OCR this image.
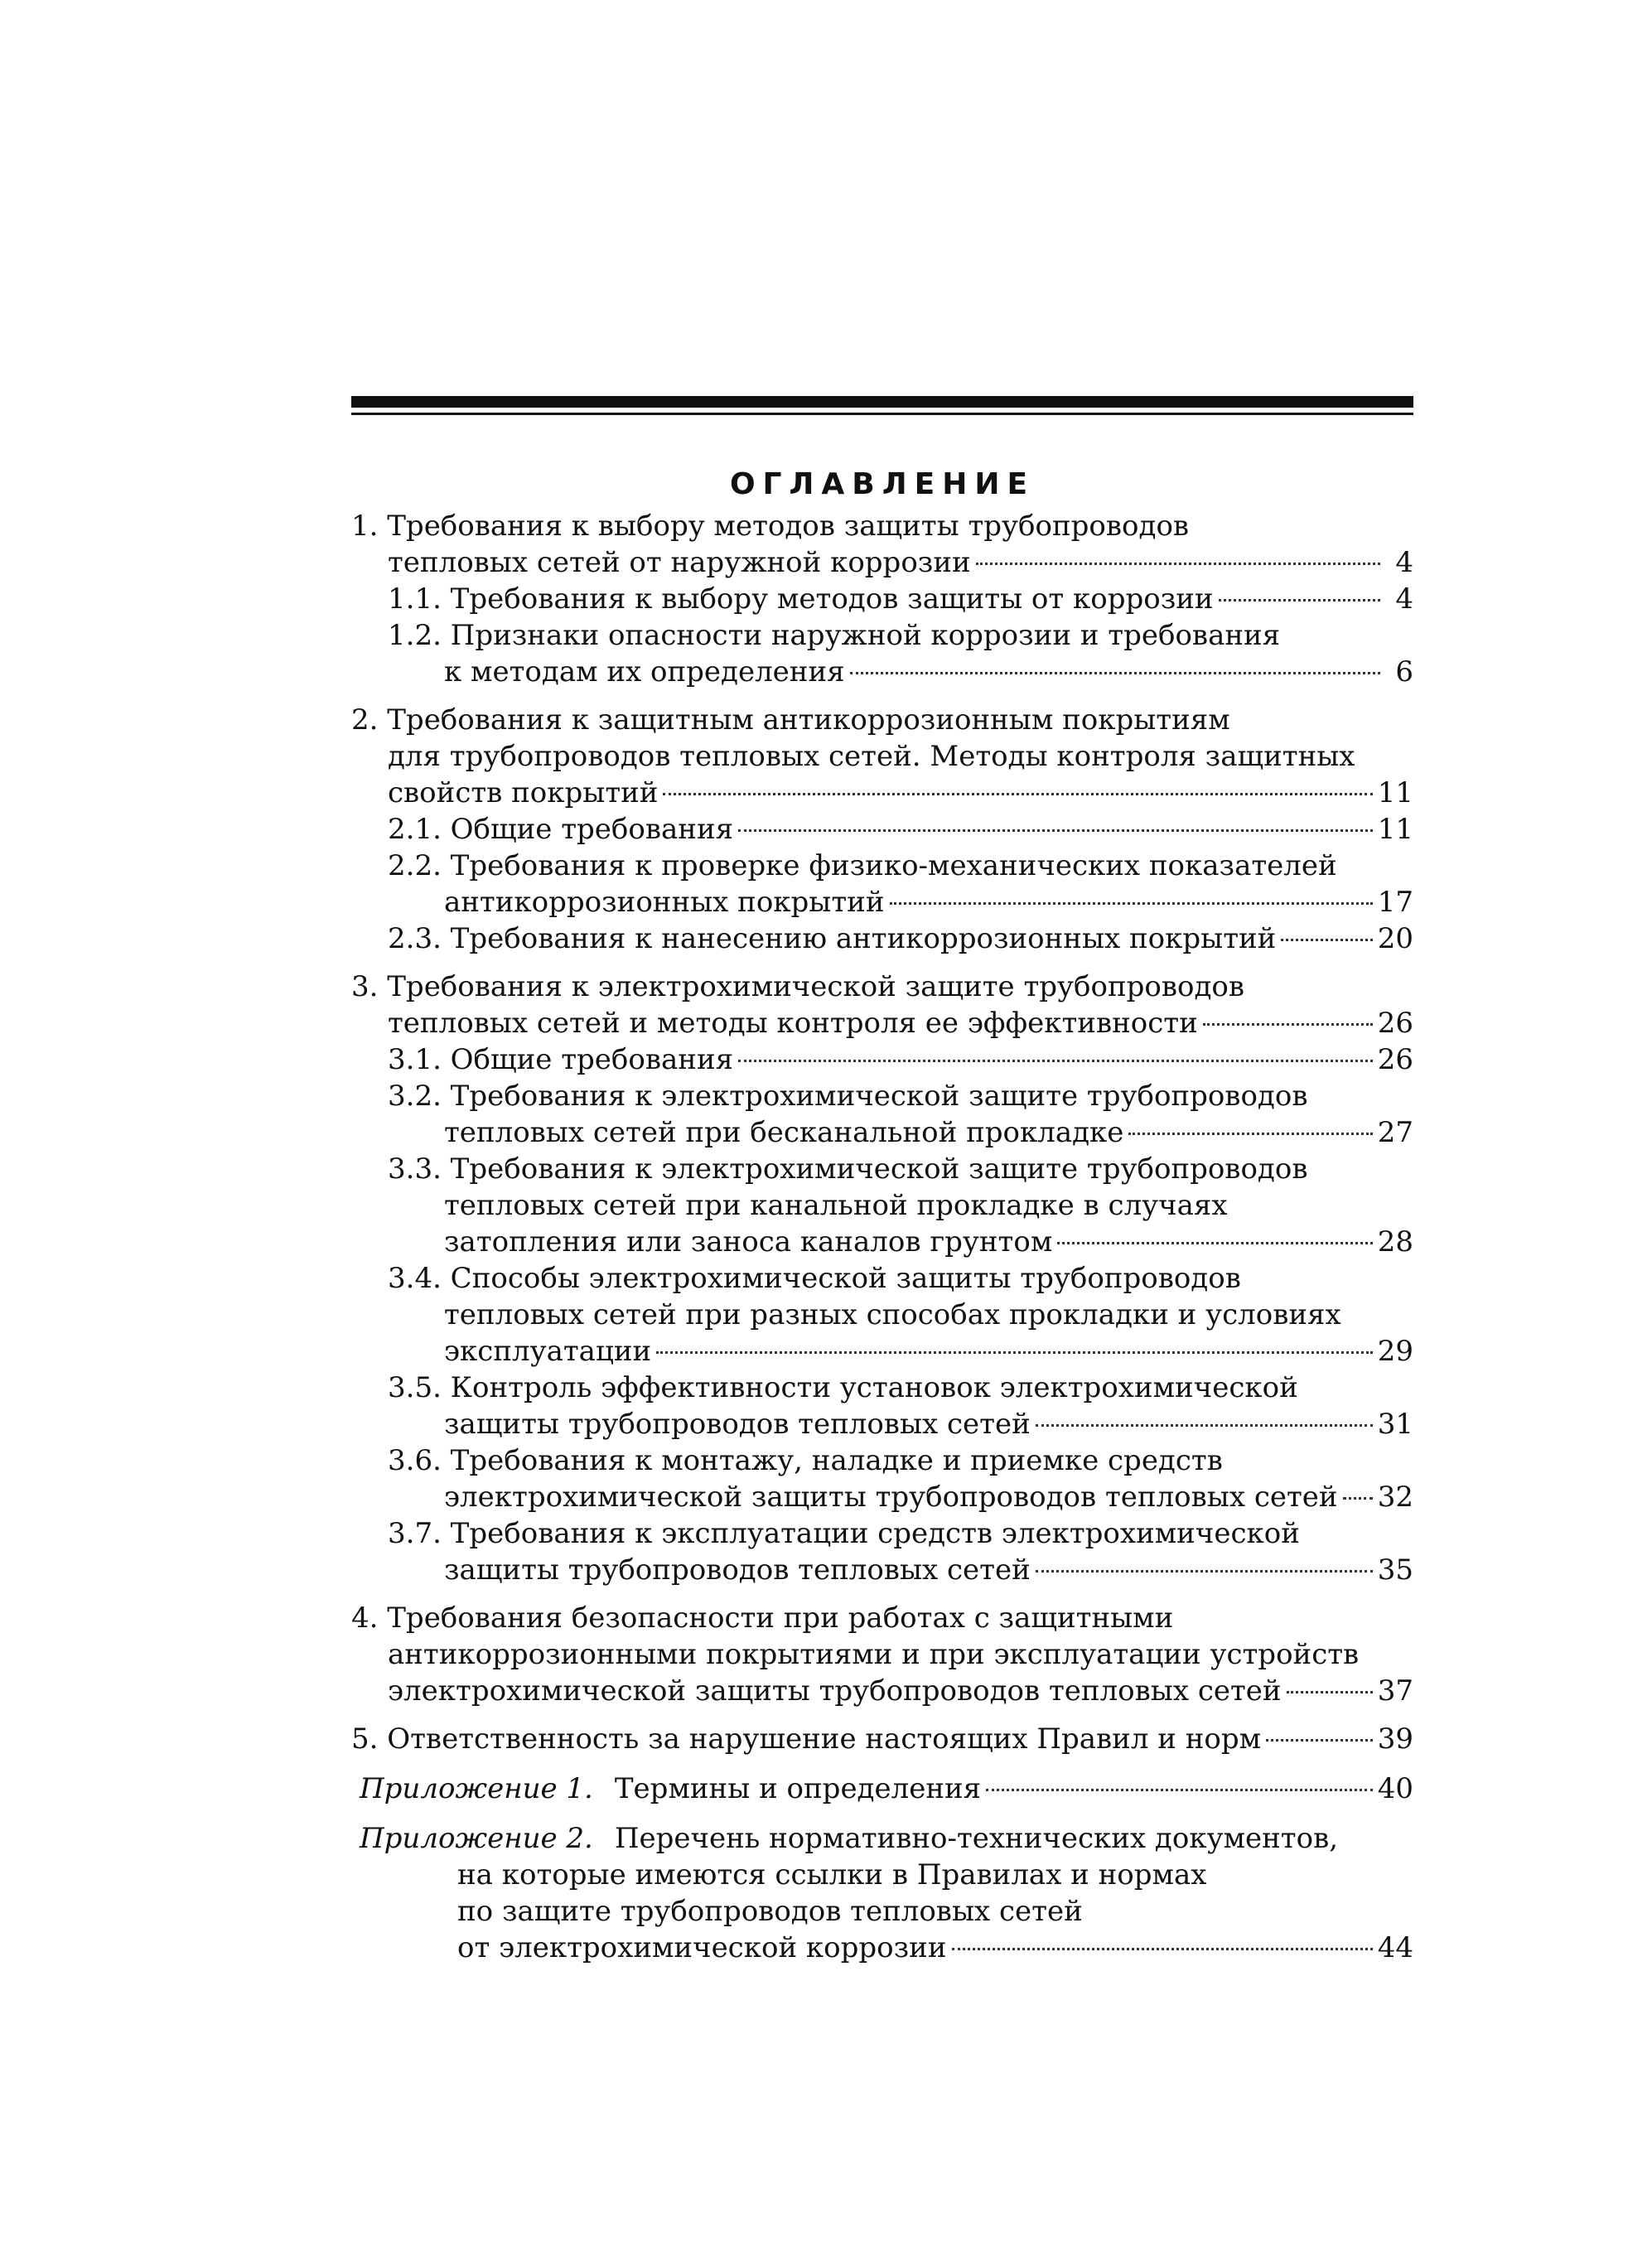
ОГЛАВЛЕНИЕ
1. Требования к выбору методов защиты трубопроводов
тепловых сетей от наружной коррозии	4
1.1. Требования к выбору методов защиты от коррозии	4
1.2. Признаки опасности наружной коррозии и требования
к методам их определения	6
2. Требования к защитным антикоррозионным покрытиям
для трубопроводов тепловых сетей. Методы контроля защитных
свойств покрытий	11
2.1. Общие требования	11
2.2. Требования к проверке физико-механических показателей
антикоррозионных покрытий	17
2.3. Требования к нанесению антикоррозионных покрытий	20
3. Требования к электрохимической защите трубопроводов
тепловых сетей и методы контроля ее эффективности	26
3.1. Общие требования	26
3.2. Требования к электрохимической защите трубопроводов
тепловых сетей при бесканальной прокладке	27
3.3. Требования к электрохимической защите трубопроводов
тепловых сетей при канальной прокладке в случаях
затопления или заноса каналов грунтом	28
3.4. Способы электрохимической защиты трубопроводов
тепловых сетей при разных способах прокладки и условиях
эксплуатации	29
3.5. Контроль эффективности установок электрохимической
защиты трубопроводов тепловых сетей	31
3.6. Требования к монтажу, наладке и приемке средств
электрохимической защиты трубопроводов тепловых сетей 32
3.7. Требования к эксплуатации средств электрохимической
защиты трубопроводов тепловых сетей	35
4. Требования безопасности при работах с защитными
антикоррозионными покрытиями и при эксплуатации устройств
электрохимической защиты трубопроводов тепловых сетей	37
5. Ответственность за нарушение настоящих Правил и норм	39
Приложение 1. Термины и определения	40
Приложение 2. Перечень нормативно-технических документов,
на которые имеются ссылки в Правилах и нормах
по защите трубопроводов тепловых сетей
от электрохимической коррозии	44
